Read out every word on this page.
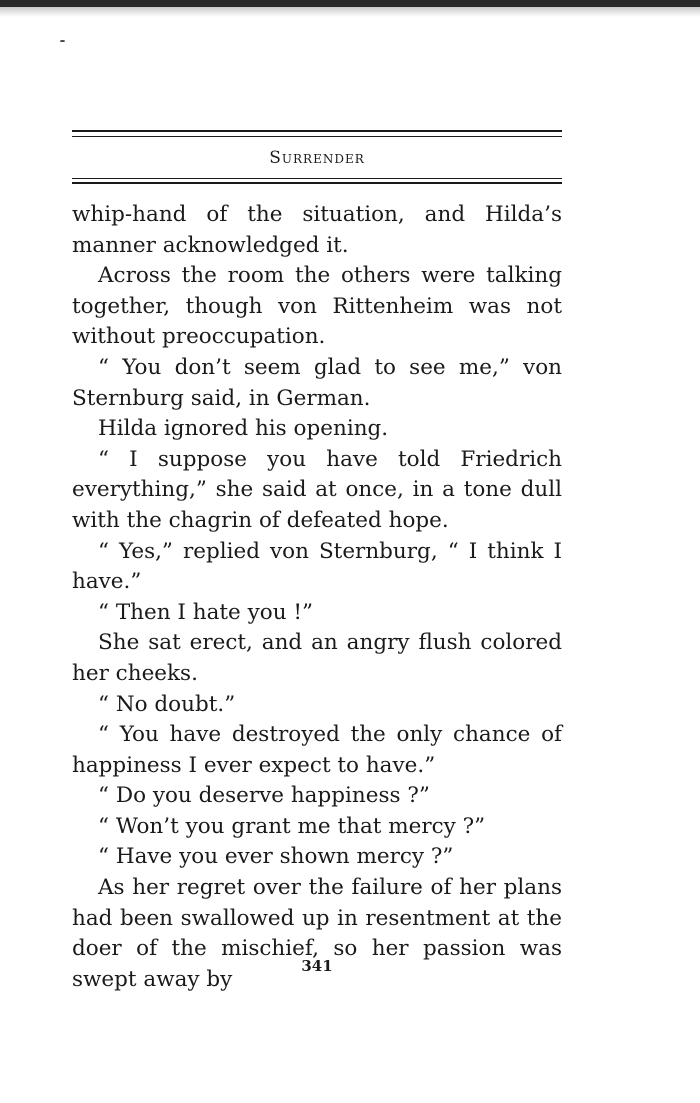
Surrender

whip-hand of the situation, and Hilda’s manner acknowledged it.

Across the room the others were talking together, though von Rittenheim was not without preoccupation.

“ You don’t seem glad to see me,” von Sternburg said, in German.

Hilda ignored his opening.

“ I suppose you have told Friedrich everything,” she said at once, in a tone dull with the chagrin of defeated hope.

“ Yes,” replied von Sternburg, “ I think I have.”

“ Then I hate you !”

She sat erect, and an angry flush colored her cheeks.

“ No doubt.”

“ You have destroyed the only chance of happiness I ever expect to have.”

“ Do you deserve happiness ?”

“ Won’t you grant me that mercy ?”

“ Have you ever shown mercy ?”

As her regret over the failure of her plans had been swallowed up in resentment at the doer of the mischief, so her passion was swept away by

341
